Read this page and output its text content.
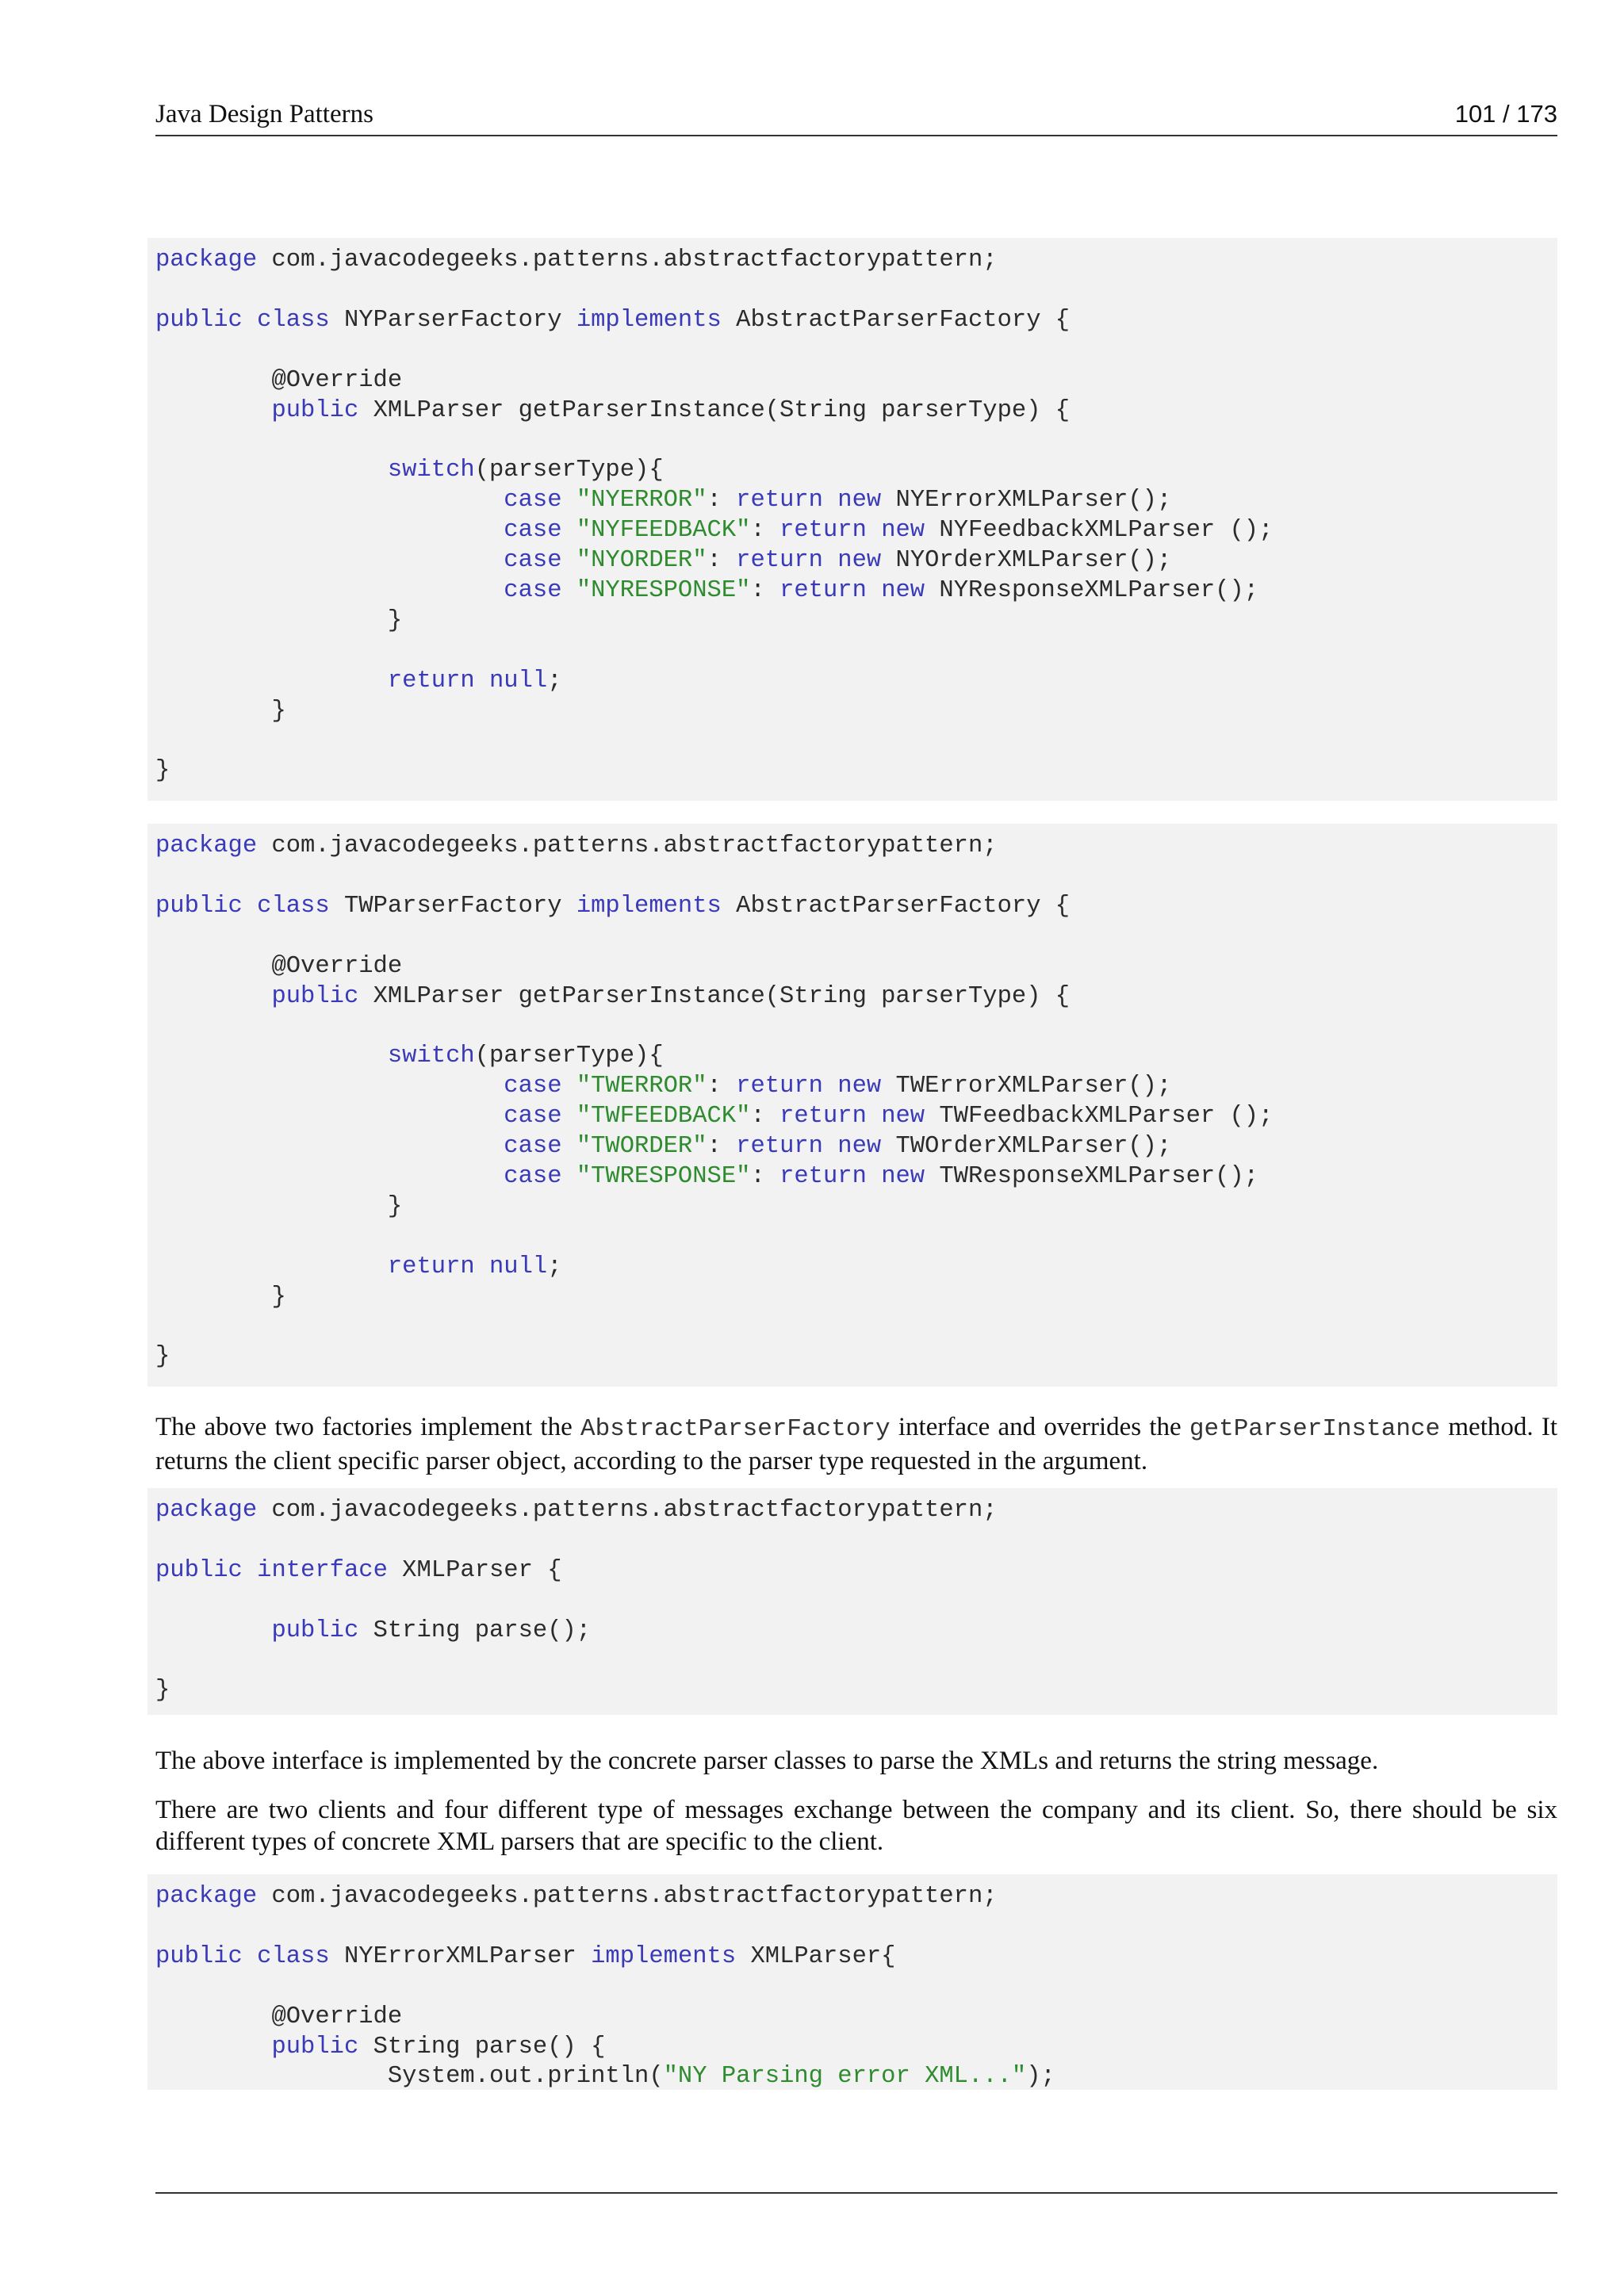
Java Design Patterns	101 / 173
package com.javacodegeeks.patterns.abstractfactorypattern;

public class NYParserFactory implements AbstractParserFactory {

@Override
public XMLParser getParserInstance(String parserType) {

switch(parserType){
case "NYERROR": return new NYErrorXMLParser();
case "NYFEEDBACK": return new NYFeedbackXMLParser ();
case "NYORDER": return new NYOrderXMLParser();
case "NYRESPONSE": return new NYResponseXMLParser();
}

return null;
}

}
package com.javacodegeeks.patterns.abstractfactorypattern;

public class TWParserFactory implements AbstractParserFactory {

@Override
public XMLParser getParserInstance(String parserType) {

switch(parserType){
case "TWERROR": return new TWErrorXMLParser();
case "TWFEEDBACK": return new TWFeedbackXMLParser ();
case "TWORDER": return new TWOrderXMLParser();
case "TWRESPONSE": return new TWResponseXMLParser();
}

return null;
}

}

The above two factories implement the AbstractParserFactory interface and overrides the getParserInstance method. It returns the client specific parser object, according to the parser type requested in the argument.

package com.javacodegeeks.patterns.abstractfactorypattern;

public interface XMLParser {

public String parse();

}

The above interface is implemented by the concrete parser classes to parse the XMLs and returns the string message.

There are two clients and four different type of messages exchange between the company and its client. So, there should be six different types of concrete XML parsers that are specific to the client.

package com.javacodegeeks.patterns.abstractfactorypattern;

public class NYErrorXMLParser implements XMLParser{

@Override
public String parse() {
System.out.println("NY Parsing error XML...");
